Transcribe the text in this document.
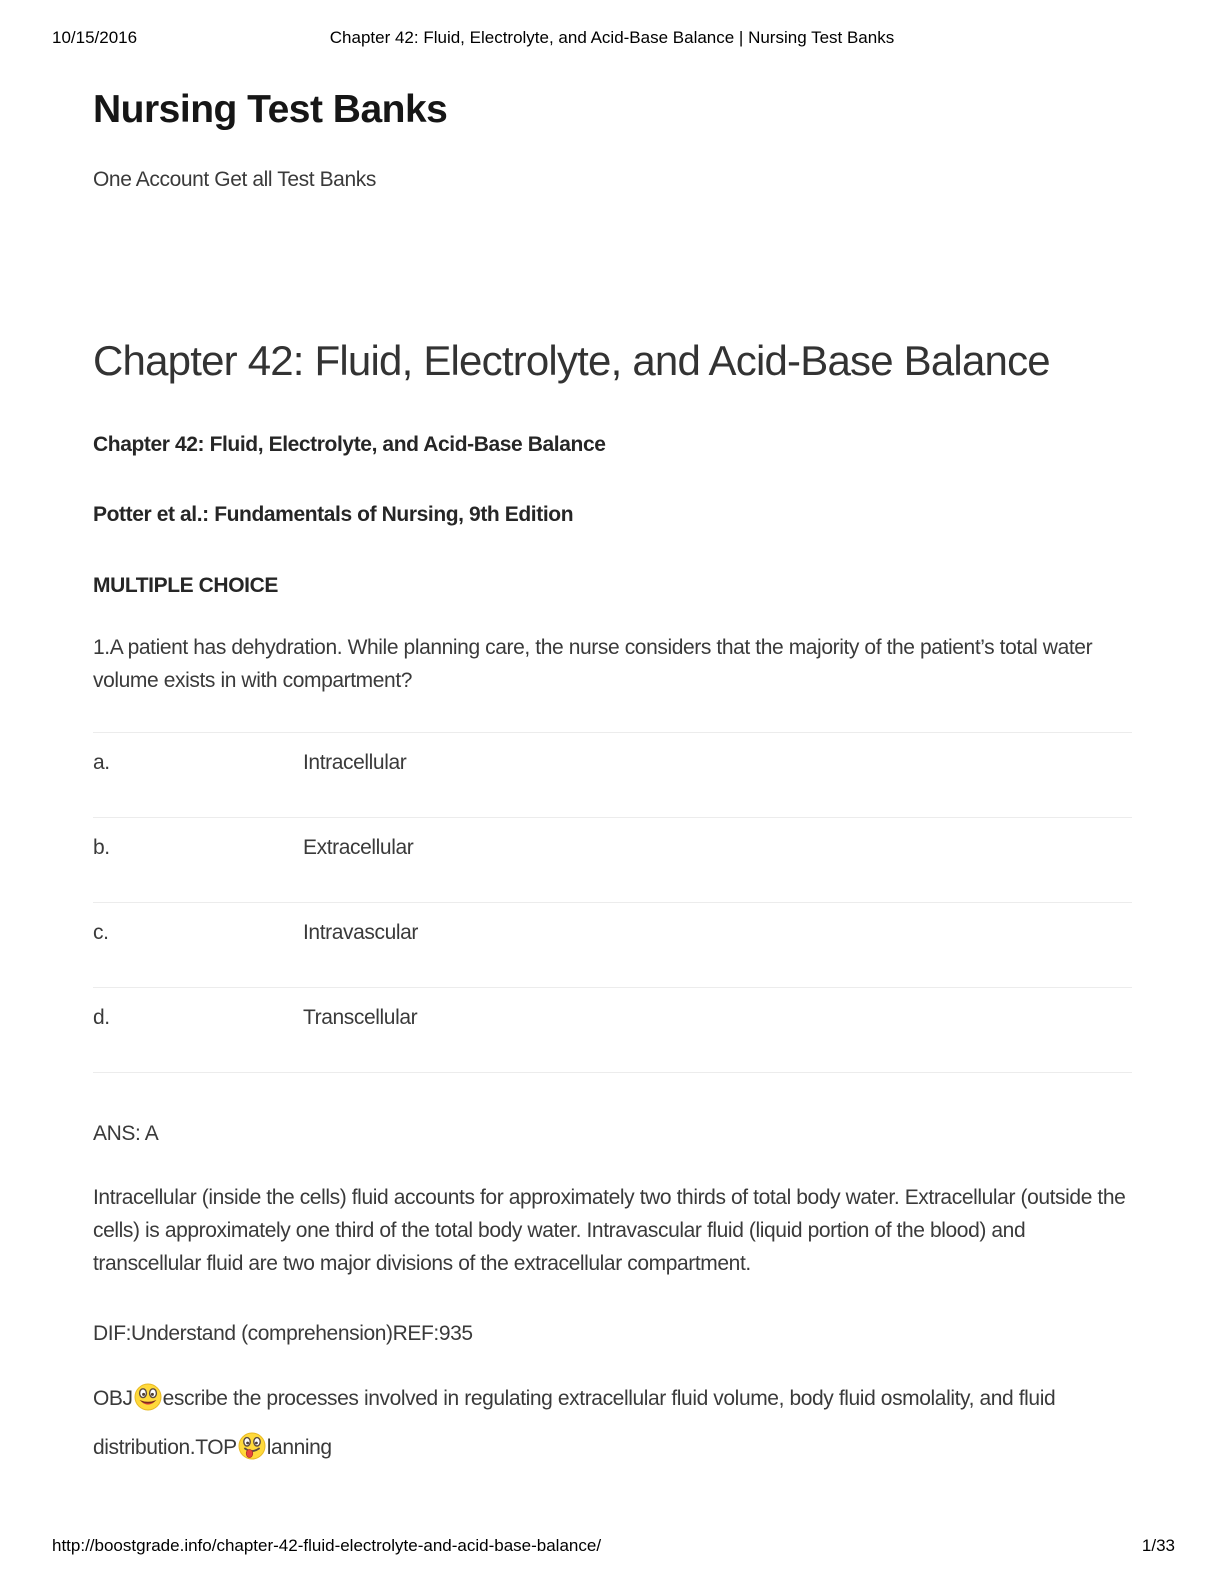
10/15/2016	Chapter 42: Fluid, Electrolyte, and Acid-Base Balance | Nursing Test Banks
Nursing Test Banks

One Account Get all Test Banks

Chapter 42: Fluid, Electrolyte, and Acid-Base Balance

Chapter 42: Fluid, Electrolyte, and Acid-Base Balance

Potter et al.: Fundamentals of Nursing, 9th Edition

MULTIPLE CHOICE

1.A patient has dehydration. While planning care, the nurse considers that the majority of the patient’s total water volume exists in with compartment?

a.	Intracellular
b.	Extracellular
c.	Intravascular
d.	Transcellular

ANS: A

Intracellular (inside the cells) fluid accounts for approximately two thirds of total body water. Extracellular (outside the cells) is approximately one third of the total body water. Intravascular fluid (liquid portion of the blood) and transcellular fluid are two major divisions of the extracellular compartment.

DIF:Understand (comprehension)REF:935

OBJ escribe the processes involved in regulating extracellular fluid volume, body fluid osmolality, and fluid distribution.TOP lanning

http://boostgrade.info/chapter-42-fluid-electrolyte-and-acid-base-balance/	1/33
